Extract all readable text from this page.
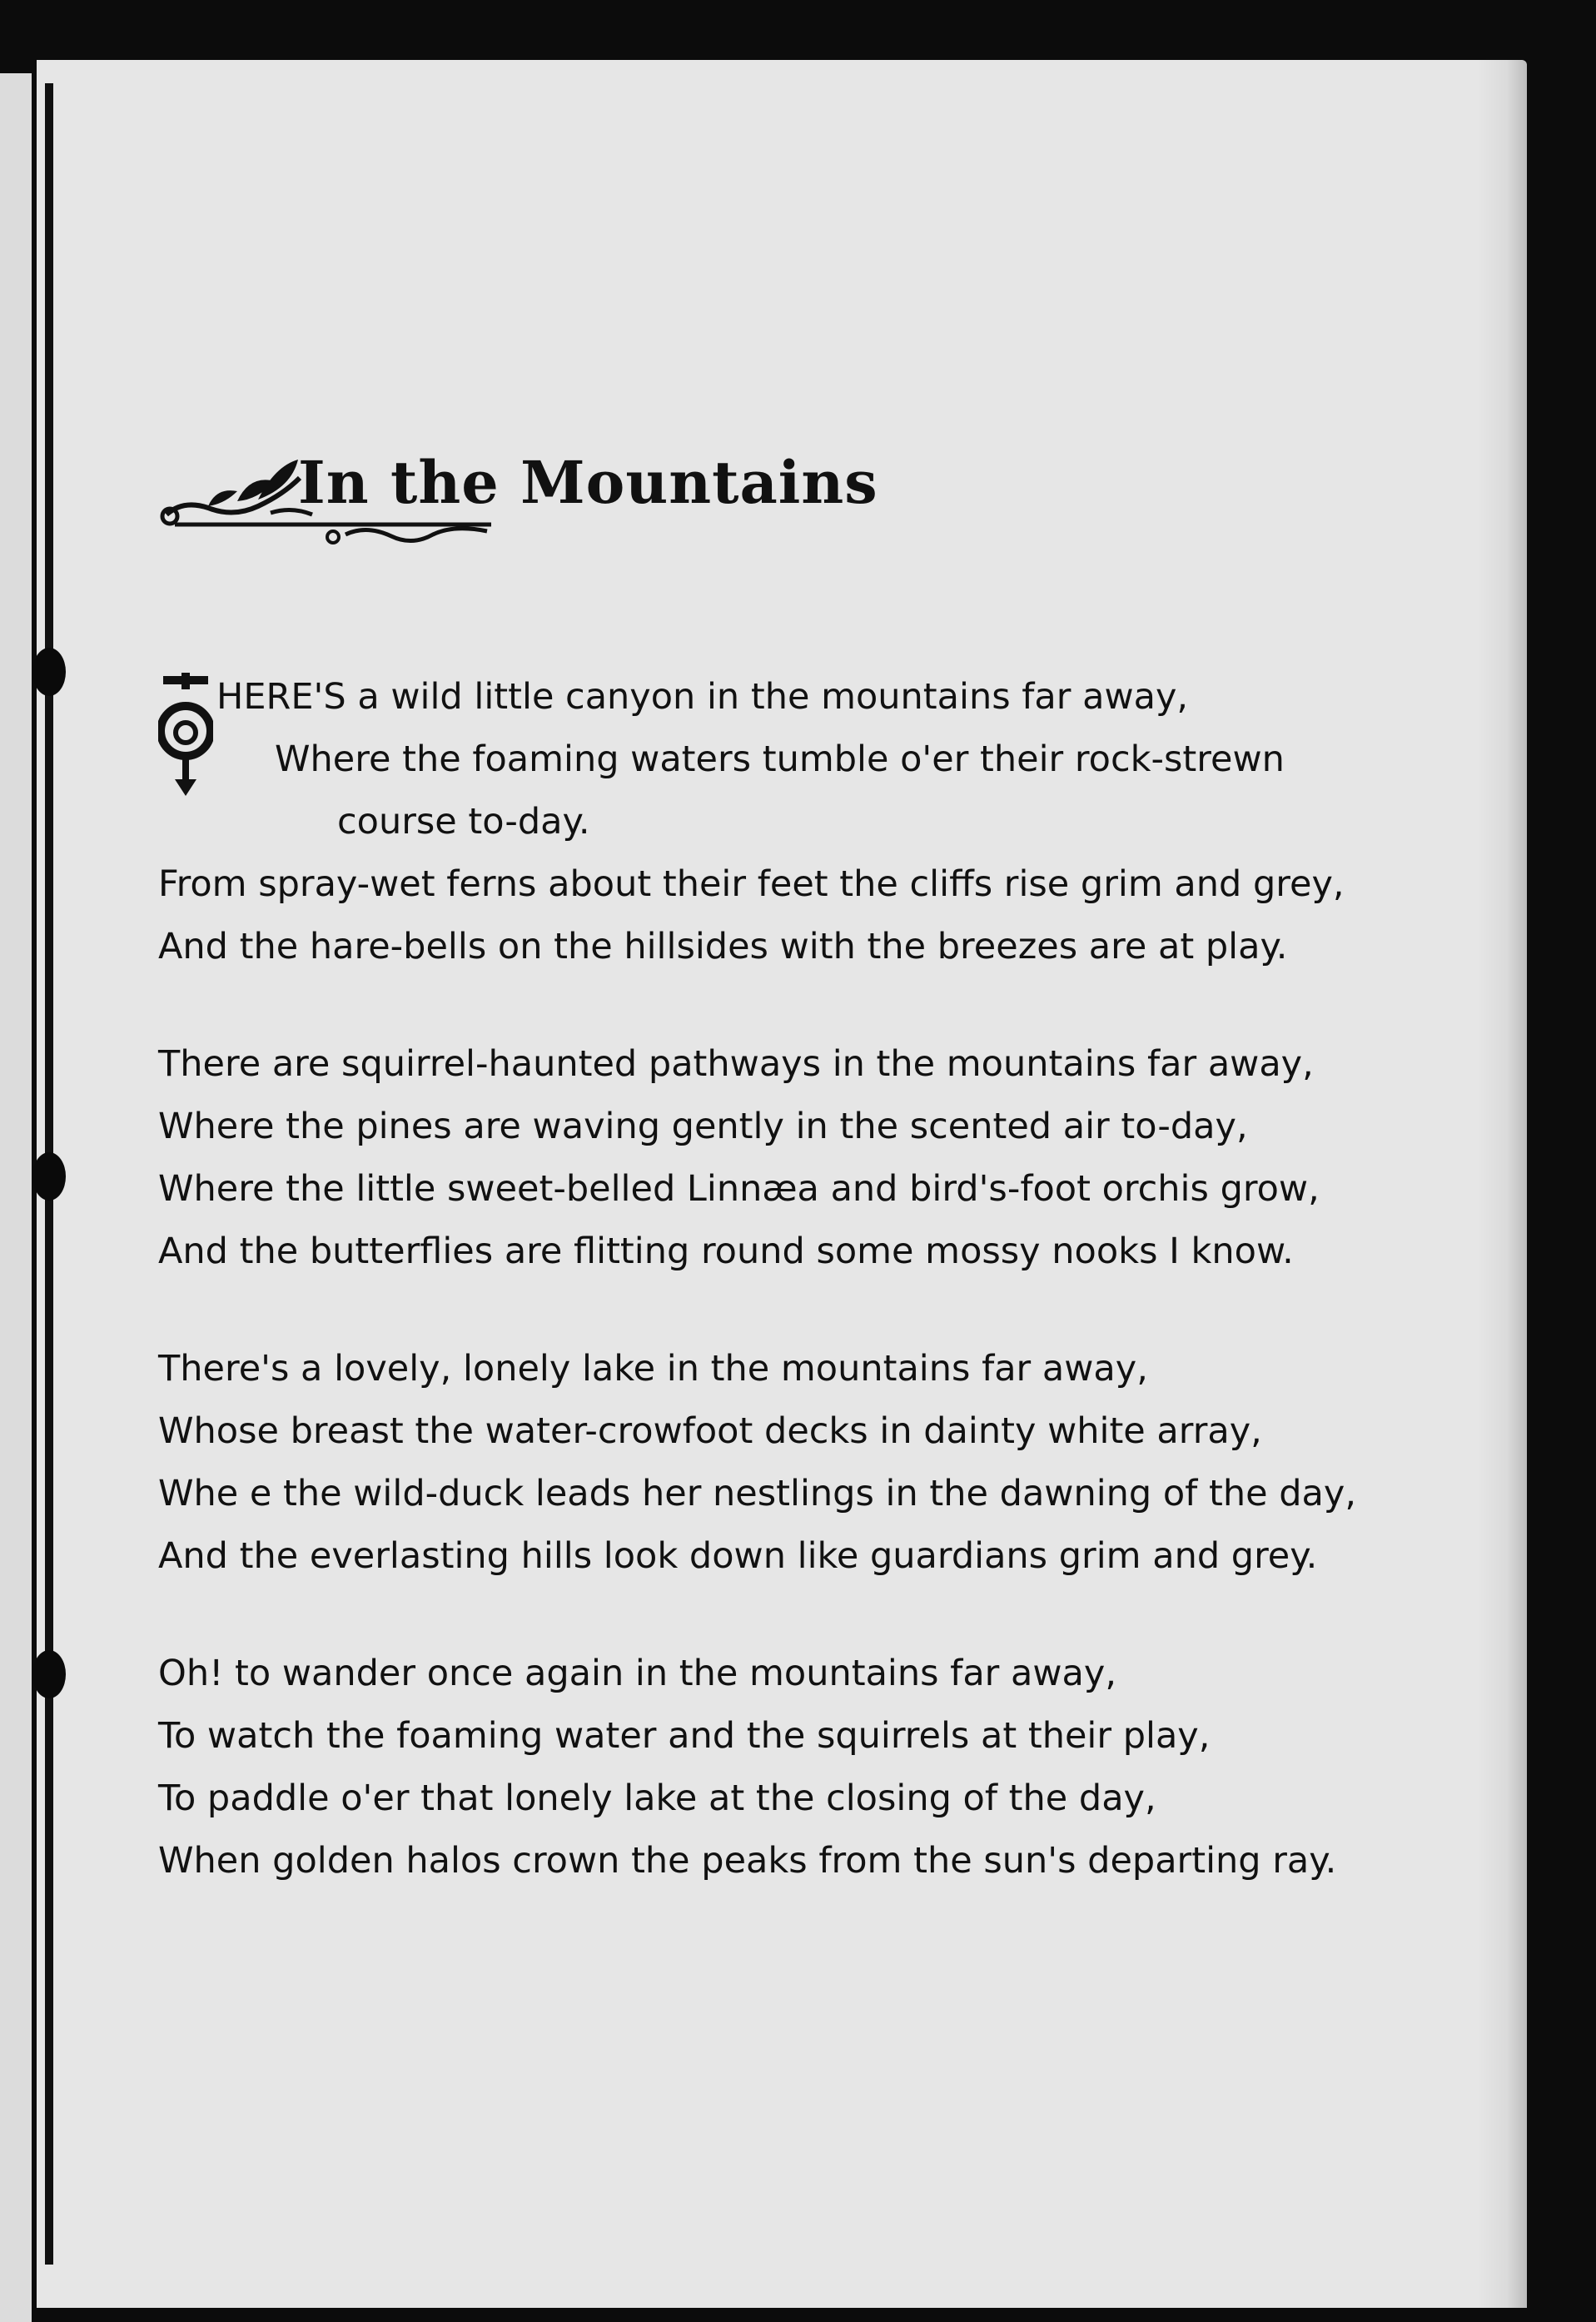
In the Mountains
HERE'S a wild little canyon in the mountains far away,
Where the foaming waters tumble o'er their rock-strewn
course to-day.
From spray-wet ferns about their feet the cliffs rise grim and grey,
And the hare-bells on the hillsides with the breezes are at play.
There are squirrel-haunted pathways in the mountains far away,
Where the pines are waving gently in the scented air to-day,
Where the little sweet-belled Linnæa and bird's-foot orchis grow,
And the butterflies are flitting round some mossy nooks I know.
There's a lovely, lonely lake in the mountains far away,
Whose breast the water-crowfoot decks in dainty white array,
Whe e the wild-duck leads her nestlings in the dawning of the day,
And the everlasting hills look down like guardians grim and grey.
Oh! to wander once again in the mountains far away,
To watch the foaming water and the squirrels at their play,
To paddle o'er that lonely lake at the closing of the day,
When golden halos crown the peaks from the sun's departing ray.
